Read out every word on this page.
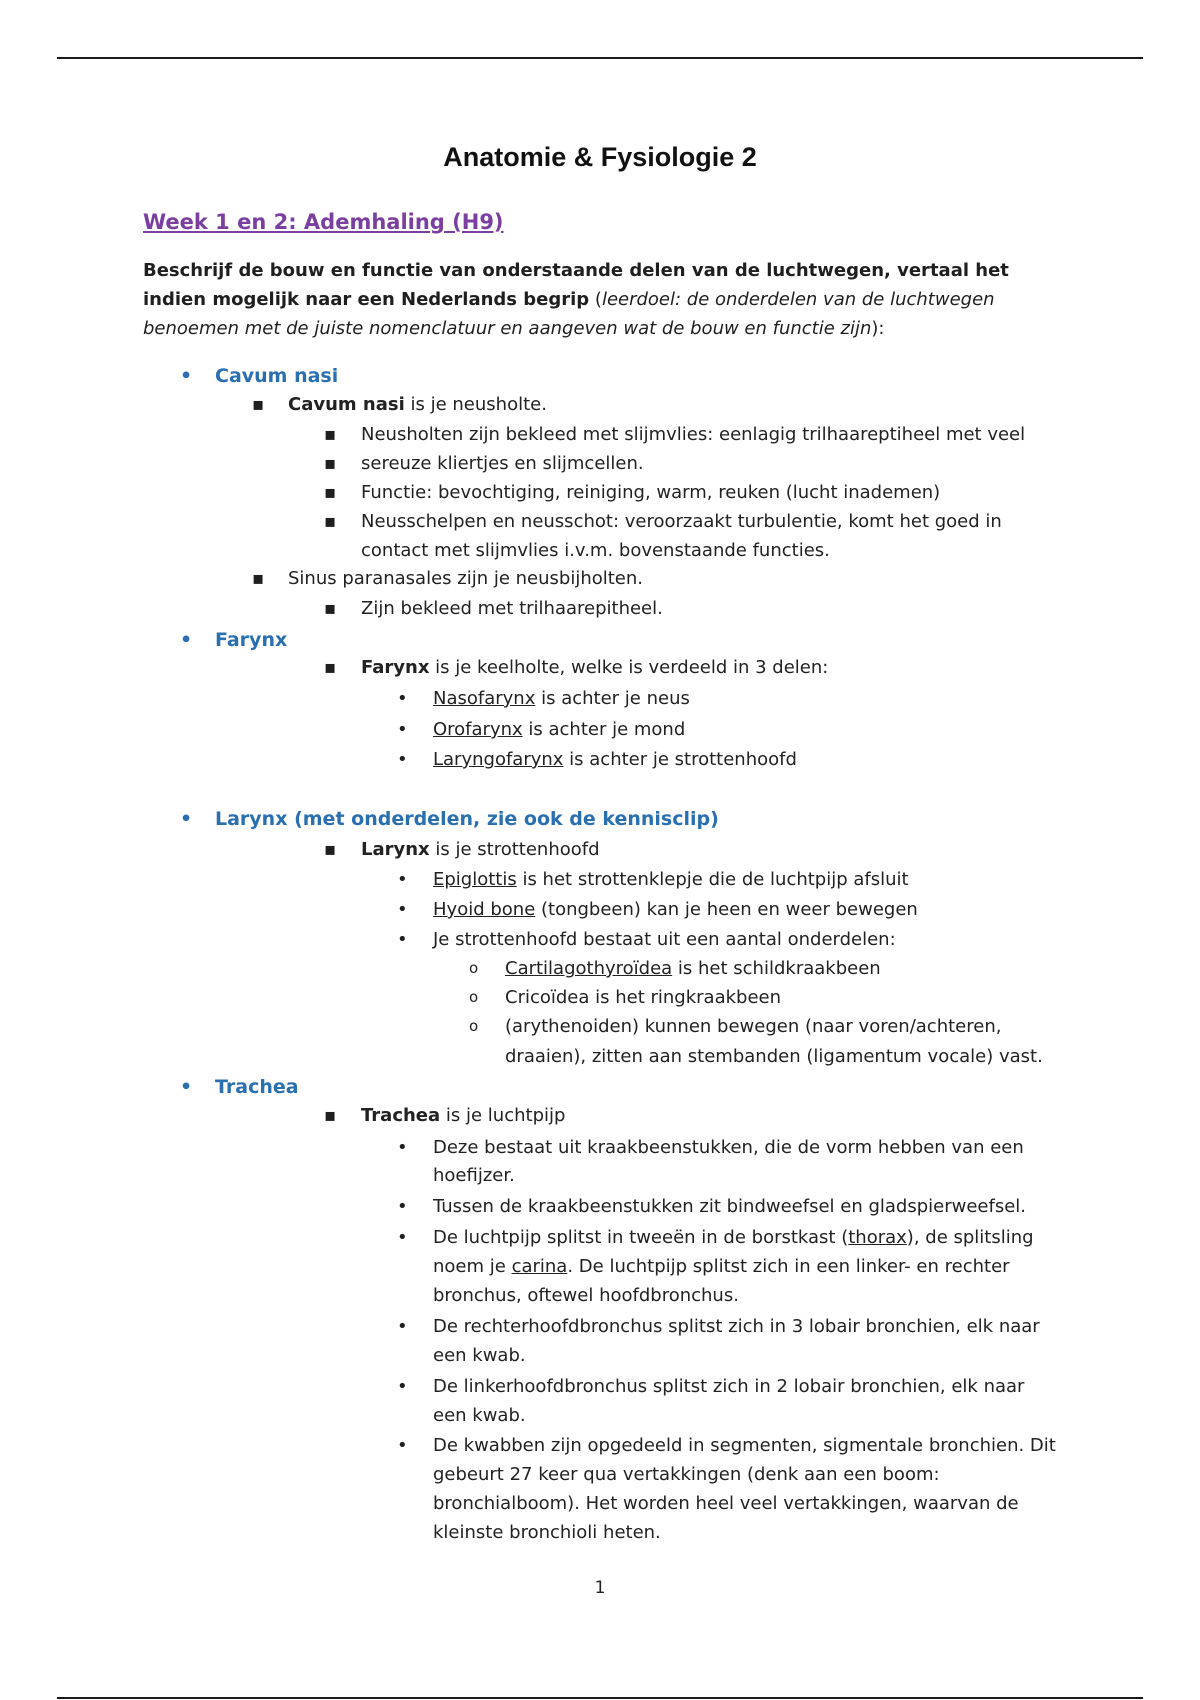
Anatomie & Fysiologie 2
Week 1 en 2: Ademhaling (H9)
Beschrijf de bouw en functie van onderstaande delen van de luchtwegen, vertaal het indien mogelijk naar een Nederlands begrip (leerdoel: de onderdelen van de luchtwegen benoemen met de juiste nomenclatuur en aangeven wat de bouw en functie zijn):
• Cavum nasi
▪ Cavum nasi is je neusholte.
▪ Neusholten zijn bekleed met slijmvlies: eenlagig trilhaareptiheel met veel
▪ sereuze kliertjes en slijmcellen.
▪ Functie: bevochtiging, reiniging, warm, reuken (lucht inademen)
▪ Neusschelpen en neusschot: veroorzaakt turbulentie, komt het goed in
contact met slijmvlies i.v.m. bovenstaande functies.
▪ Sinus paranasales zijn je neusbijholten.
▪ Zijn bekleed met trilhaarepitheel.
• Farynx
▪ Farynx is je keelholte, welke is verdeeld in 3 delen:
• Nasofarynx is achter je neus
• Orofarynx is achter je mond
• Laryngofarynx is achter je strottenhoofd
• Larynx (met onderdelen, zie ook de kennisclip)
▪ Larynx is je strottenhoofd
• Epiglottis is het strottenklepje die de luchtpijp afsluit
• Hyoid bone (tongbeen) kan je heen en weer bewegen
• Je strottenhoofd bestaat uit een aantal onderdelen:
o Cartilagothyroïdea is het schildkraakbeen
o Cricoïdea is het ringkraakbeen
o (arythenoiden) kunnen bewegen (naar voren/achteren,
draaien), zitten aan stembanden (ligamentum vocale) vast.
• Trachea
▪ Trachea is je luchtpijp
• Deze bestaat uit kraakbeenstukken, die de vorm hebben van een
hoefijzer.
• Tussen de kraakbeenstukken zit bindweefsel en gladspierweefsel.
• De luchtpijp splitst in tweeën in de borstkast (thorax), de splitsling
noem je carina. De luchtpijp splitst zich in een linker- en rechter
bronchus, oftewel hoofdbronchus.
• De rechterhoofdbronchus splitst zich in 3 lobair bronchien, elk naar
een kwab.
• De linkerhoofdbronchus splitst zich in 2 lobair bronchien, elk naar
een kwab.
• De kwabben zijn opgedeeld in segmenten, sigmentale bronchien. Dit
gebeurt 27 keer qua vertakkingen (denk aan een boom:
bronchialboom). Het worden heel veel vertakkingen, waarvan de
kleinste bronchioli heten.
1
